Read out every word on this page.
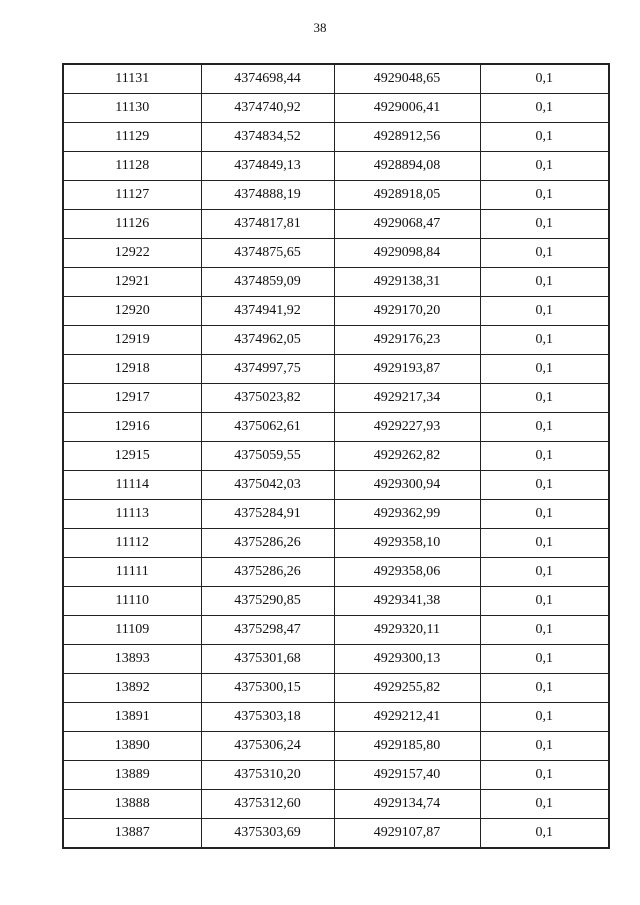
38
11131	4374698,44	4929048,65	0,1
11130	4374740,92	4929006,41	0,1
11129	4374834,52	4928912,56	0,1
11128	4374849,13	4928894,08	0,1
11127	4374888,19	4928918,05	0,1
11126	4374817,81	4929068,47	0,1
12922	4374875,65	4929098,84	0,1
12921	4374859,09	4929138,31	0,1
12920	4374941,92	4929170,20	0,1
12919	4374962,05	4929176,23	0,1
12918	4374997,75	4929193,87	0,1
12917	4375023,82	4929217,34	0,1
12916	4375062,61	4929227,93	0,1
12915	4375059,55	4929262,82	0,1
11114	4375042,03	4929300,94	0,1
11113	4375284,91	4929362,99	0,1
11112	4375286,26	4929358,10	0,1
11111	4375286,26	4929358,06	0,1
11110	4375290,85	4929341,38	0,1
11109	4375298,47	4929320,11	0,1
13893	4375301,68	4929300,13	0,1
13892	4375300,15	4929255,82	0,1
13891	4375303,18	4929212,41	0,1
13890	4375306,24	4929185,80	0,1
13889	4375310,20	4929157,40	0,1
13888	4375312,60	4929134,74	0,1
13887	4375303,69	4929107,87	0,1
